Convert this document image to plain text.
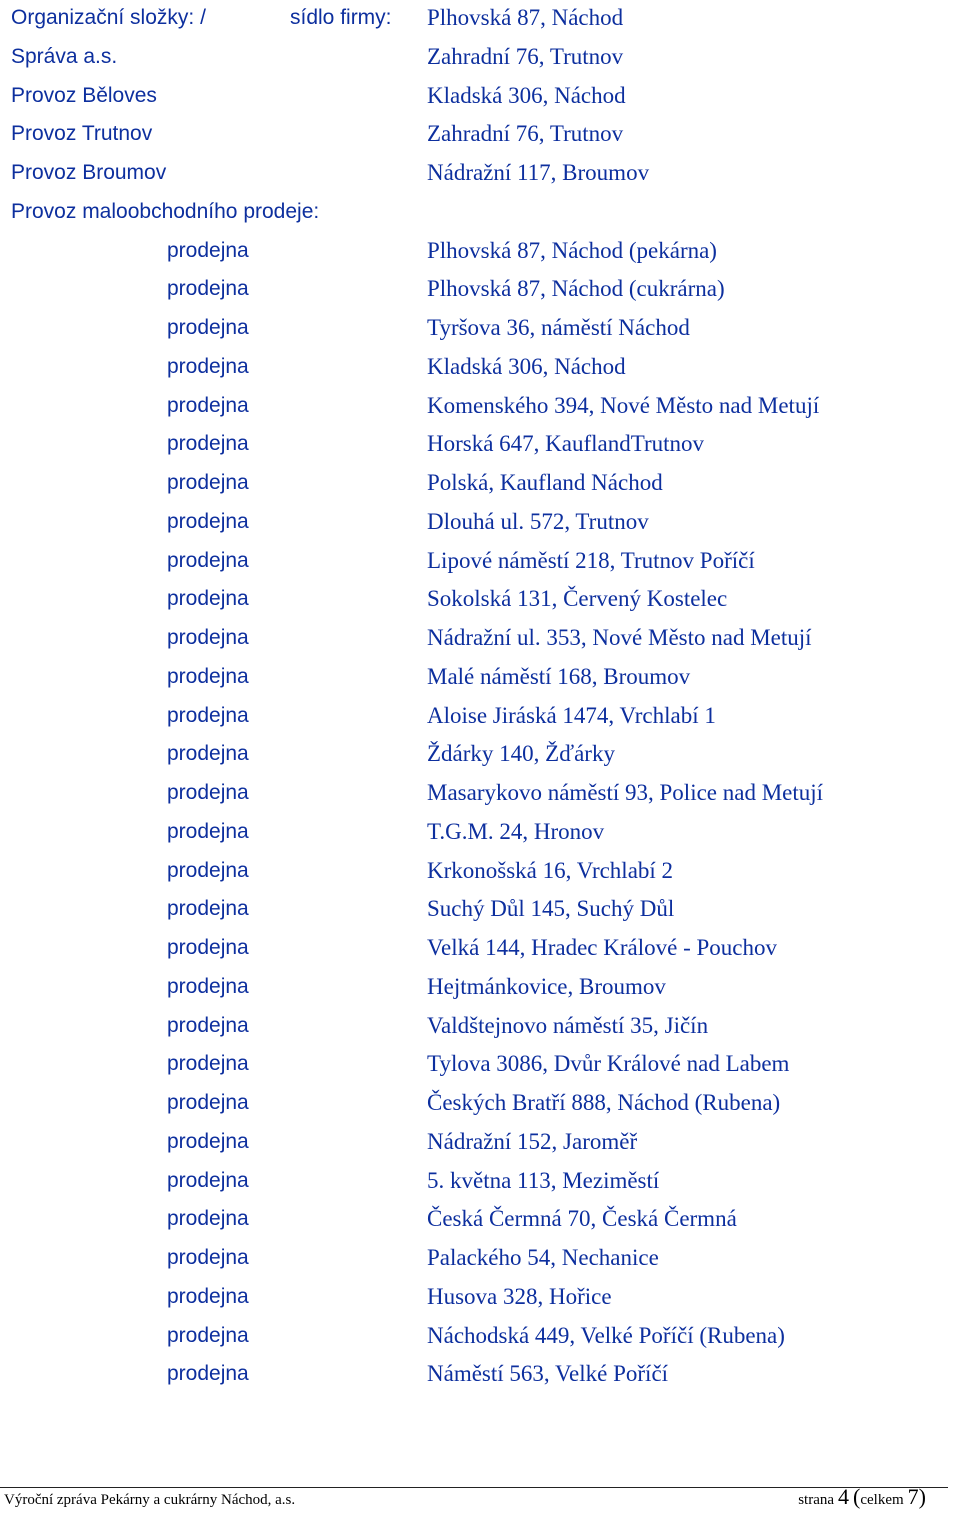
Organizační složky: /	sídlo firmy: Plhovská 87, Náchod
Správa a.s.	Zahradní 76, Trutnov
Provoz Běloves	Kladská 306, Náchod
Provoz Trutnov	Zahradní 76, Trutnov
Provoz Broumov	Nádražní 117, Broumov
Provoz maloobchodního prodeje:
prodejna	Plhovská 87, Náchod (pekárna)
prodejna	Plhovská 87, Náchod (cukrárna)
prodejna	Tyršova 36, náměstí Náchod
prodejna	Kladská 306, Náchod
prodejna	Komenského 394, Nové Město nad Metují
prodejna	Horská 647, KauflandTrutnov
prodejna	Polská, Kaufland Náchod
prodejna	Dlouhá ul. 572, Trutnov
prodejna	Lipové náměstí 218, Trutnov Poříčí
prodejna	Sokolská 131, Červený Kostelec
prodejna	Nádražní ul. 353, Nové Město nad Metují
prodejna	Malé náměstí 168, Broumov
prodejna	Aloise Jiráská 1474, Vrchlabí 1
prodejna	Ždárky 140, Žďárky
prodejna	Masarykovo náměstí 93, Police nad Metují
prodejna	T.G.M. 24, Hronov
prodejna	Krkonošská 16, Vrchlabí 2
prodejna	Suchý Důl 145, Suchý Důl
prodejna	Velká 144, Hradec Králové - Pouchov
prodejna	Hejtmánkovice, Broumov
prodejna	Valdštejnovo náměstí 35, Jičín
prodejna	Tylova 3086, Dvůr Králové nad Labem
prodejna	Českých Bratří 888, Náchod (Rubena)
prodejna	Nádražní 152, Jaroměř
prodejna	5. května 113, Meziměstí
prodejna	Česká Čermná 70, Česká Čermná
prodejna	Palackého 54, Nechanice
prodejna	Husova 328, Hořice
prodejna	Náchodská 449, Velké Poříčí (Rubena)
prodejna	Náměstí 563, Velké Poříčí
Výroční zpráva Pekárny a cukrárny Náchod, a.s.	strana 4 (celkem 7)
